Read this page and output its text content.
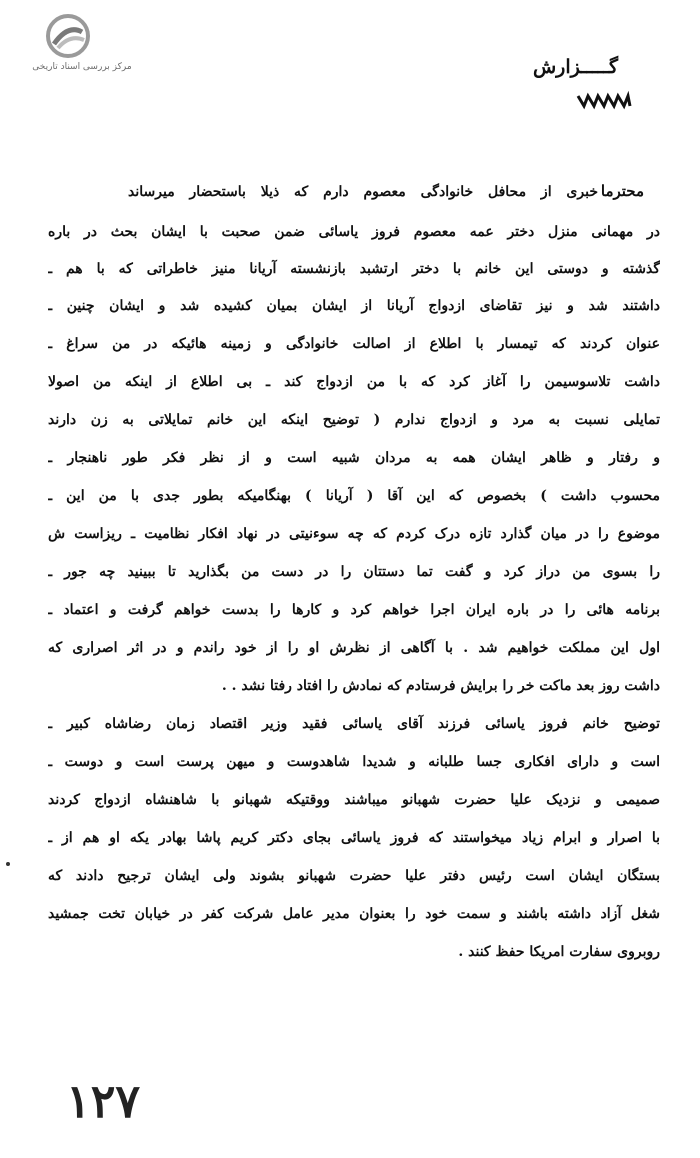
مرکز بررسی اسناد تاریخی	گـــــزارش
محترما
خبری از محافل خانوادگی معصوم دارم که ذیلا باستحضار میرساند
در مهمانی منزل دختر عمه معصوم فروز یاسائی ضمن صحبت با ایشان بحث در باره
گذشته و دوستی این خانم با دختر ارتشبد بازنشسته آریانا منیز خاطراتی که با هم ـ
داشتند شد و نیز تقاضای ازدواج آریانا از ایشان بمیان کشیده شد و ایشان چنین ـ
عنوان کردند که تیمسار با اطلاع از اصالت خانوادگی و زمینه هائیکه در من سراغ ـ
داشت تلاسوسیمن را آغاز کرد که با من ازدواج کند ـ بی اطلاع از اینکه من اصولا
تمایلی نسبت به مرد و ازدواج ندارم ( توضیح اینکه این خانم تمایلاتی به زن دارند
و رفتار و ظاهر ایشان همه به مردان شبیه است و از نظر فکر طور ناهنجار ـ
محسوب داشت ) بخصوص که این آقا ( آریانا ) بهنگامیکه بطور جدی با من این ـ
موضوع را در میان گذارد تازه درک کردم که چه سوءنیتی در نهاد افکار نظامیت ـ ریزاست ش
را بسوی من دراز کرد و گفت تما دستتان را در دست من بگذارید تا ببینید چه جور ـ
برنامه هائی را در باره ایران اجرا خواهم کرد و کارها را بدست خواهم گرفت و اعتماد ـ
اول این مملکت خواهیم شد . با آگاهی از نظرش او را از خود راندم و در اثر اصراری که
داشت روز بعد ماکت خر را برایش فرستادم که نمادش را افتاد رفتا نشد . .
توضیح خانم فروز یاسائی فرزند آقای یاسائی فقید وزیر اقتصاد زمان رضاشاه کبیر ـ
است و دارای افکاری جسا طلبانه و شدیدا شاهدوست و میهن پرست است و دوست ـ
صمیمی و نزدیک علیا حضرت شهبانو میباشند ووقتیکه شهبانو با شاهنشاه ازدواج کردند
با اصرار و ابرام زیاد میخواستند که فروز یاسائی بجای دکتر کریم پاشا بهادر یکه او هم از ـ
بستگان ایشان است رئیس دفتر علیا حضرت شهبانو بشوند ولی ایشان ترجیح دادند که
شغل آزاد داشته باشند و سمت خود را بعنوان مدیر عامل شرکت کفر در خیابان تخت جمشید
روبروی سفارت امریکا حفظ کنند .
۱۲۷
